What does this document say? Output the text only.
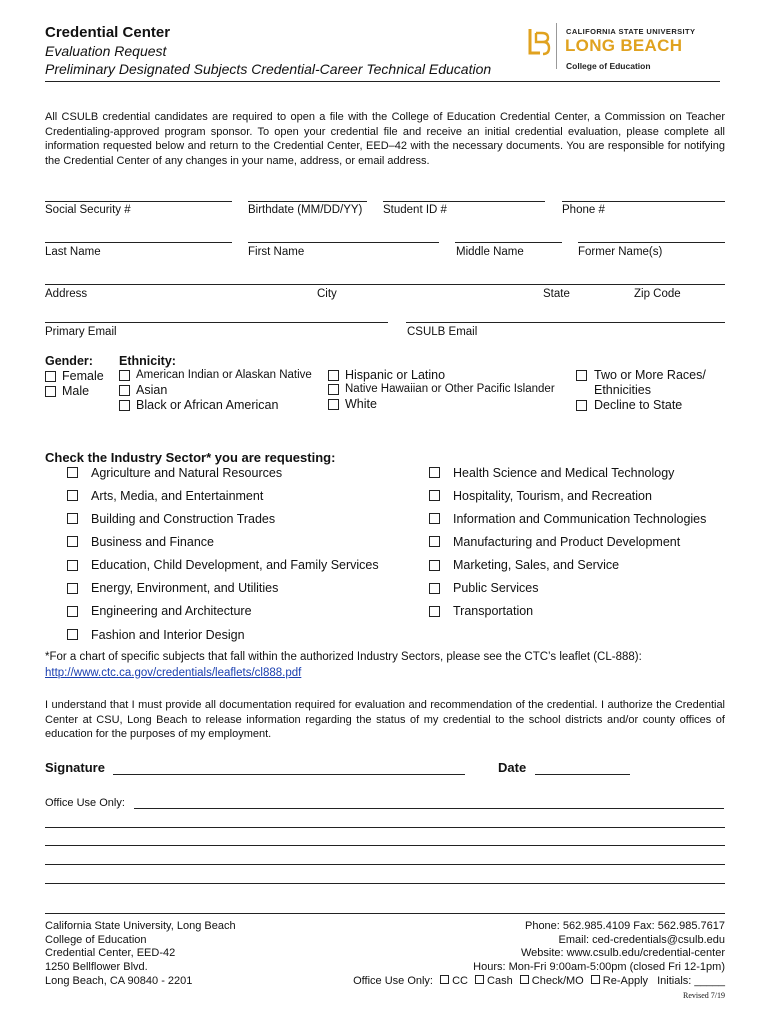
Credential Center
Evaluation Request
Preliminary Designated Subjects Credential-Career Technical Education
CALIFORNIA STATE UNIVERSITY
LONG BEACH
College of Education
All CSULB credential candidates are required to open a file with the College of Education Credential Center, a Commission on Teacher Credentialing-approved program sponsor. To open your credential file and receive an initial credential evaluation, please complete all information requested below and return to the Credential Center, EED–42 with the necessary documents. You are responsible for notifying the Credential Center of any changes in your name, address, or email address.
Social Security #	Birthdate (MM/DD/YY) Student ID #	Phone #
Last Name	First Name	Middle Name	Former Name(s)
Address	City	State	Zip Code
Primary Email	CSULB Email
Gender:
Female
Male
Ethnicity:
American Indian or Alaskan Native
Asian
Black or African American
Hispanic or Latino
Native Hawaiian or Other Pacific Islander
White
Two or More Races/
Ethnicities
Decline to State
Check the Industry Sector* you are requesting:
Agriculture and Natural Resources
Arts, Media, and Entertainment
Building and Construction Trades
Business and Finance
Education, Child Development, and Family Services
Energy, Environment, and Utilities
Engineering and Architecture
Fashion and Interior Design
Health Science and Medical Technology
Hospitality, Tourism, and Recreation
Information and Communication Technologies
Manufacturing and Product Development
Marketing, Sales, and Service
Public Services
Transportation
*For a chart of specific subjects that fall within the authorized Industry Sectors, please see the CTC’s leaflet (CL-888):
http://www.ctc.ca.gov/credentials/leaflets/cl888.pdf
I understand that I must provide all documentation required for evaluation and recommendation of the credential. I authorize the Credential Center at CSU, Long Beach to release information regarding the status of my credential to the school districts and/or county offices of education for the purposes of my employment.
Signature	Date
Office Use Only:
California State University, Long Beach
College of Education
Credential Center, EED-42
1250 Bellflower Blvd.
Long Beach, CA 90840 - 2201
Phone: 562.985.4109 Fax: 562.985.7617
Email: ced-credentials@csulb.edu
Website: www.csulb.edu/credential-center
Hours: Mon-Fri 9:00am-5:00pm (closed Fri 12-1pm)
Office Use Only: CC Cash Check/MO Re-Apply Initials: _____
Revised 7/19
